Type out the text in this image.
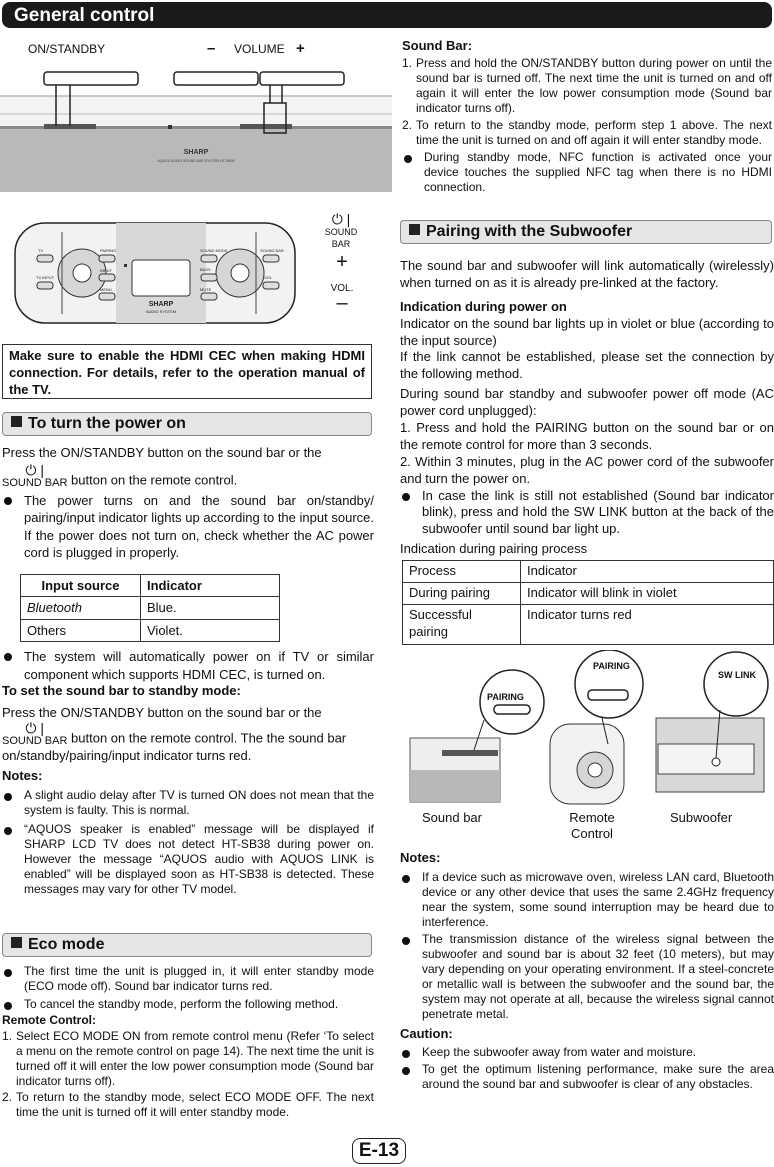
General control
SHARP
AQUOS AUDIO SOUND BAR SYSTEM HT-SB38
ON/STANDBY	– VOLUME +
SHARP
AUDIO SYSTEM
TV
TV INPUT
PAIRING
INPUT
MENU
SOUND MODE
BASS
MUTE
SOUND BAR
VOL
⏻ |
SOUND BAR
+
VOL.
–
Make sure to enable the HDMI CEC when making HDMI connection. For details, refer to the operation manual of the TV.
To turn the power on
Press the ON/STANDBY button on the sound bar or the
⏻ |
SOUND BAR button on the remote control.
The power turns on and the sound bar on/standby/ pairing/input indicator lights up according to the input source. If the power does not turn on, check whether the AC power cord is plugged in properly.
Input source	Indicator
Bluetooth	Blue.
Others	Violet.
The system will automatically power on if TV or similar component which supports HDMI CEC, is turned on.
To set the sound bar to standby mode:
Press the ON/STANDBY button on the sound bar or the
⏻ |
SOUND BAR button on the remote control. The the sound bar on/standby/pairing/input indicator turns red.
Notes:
A slight audio delay after TV is turned ON does not mean that the system is faulty. This is normal.
“AQUOS speaker is enabled” message will be displayed if SHARP LCD TV does not detect HT-SB38 during power on. However the message “AQUOS audio with AQUOS LINK is enabled” will be displayed soon as HT-SB38 is detected. These messages may vary for other TV model.
Eco mode
The first time the unit is plugged in, it will enter standby mode (ECO mode off). Sound bar indicator turns red.
To cancel the standby mode, perform the following method.
Remote Control:
1. Select ECO MODE ON from remote control menu (Refer ‘To select a menu on the remote control on page 14). The next time the unit is turned off it will enter the low power consumption mode (Sound bar indicator turns off).
2. To return to the standby mode, select ECO MODE OFF. The next time the unit is turned off it will enter standby mode.
Sound Bar:
1. Press and hold the ON/STANDBY button during power on until the sound bar is turned off. The next time the unit is turned on and off again it will enter the low power consumption mode (Sound bar indicator turns off).
2. To return to the standby mode, perform step 1 above. The next time the unit is turned on and off again it will enter standby mode.
During standby mode, NFC function is activated once your device touches the supplied NFC tag when there is no HDMI connection.
Pairing with the Subwoofer
The sound bar and subwoofer will link automatically (wirelessly) when turned on as it is already pre-linked at the factory.
Indication during power on
Indicator on the sound bar lights up in violet or blue (according to the input source)
If the link cannot be established, please set the connection by the following method.
During sound bar standby and subwoofer power off mode (AC power cord unplugged):
1. Press and hold the PAIRING button on the sound bar or on the remote control for more than 3 seconds.
2. Within 3 minutes, plug in the AC power cord of the subwoofer and turn the power on.
In case the link is still not established (Sound bar indicator blink), press and hold the SW LINK button at the back of the subwoofer until sound bar light up.
Indication during pairing process
Process	Indicator
During pairing	Indicator will blink in violet
Successful pairing	Indicator turns red
PAIRING
PAIRING
SW LINK
Sound bar	Remote Control
Subwoofer
Notes:
If a device such as microwave oven, wireless LAN card, Bluetooth device or any other device that uses the same 2.4GHz frequency near the system, some sound interruption may be heard due to interference.
The transmission distance of the wireless signal between the subwoofer and sound bar is about 32 feet (10 meters), but may vary depending on your operating environment. If a steel-concrete or metallic wall is between the subwoofer and the sound bar, the system may not operate at all, because the wireless signal cannot penetrate metal.
Caution:
Keep the subwoofer away from water and moisture.
To get the optimum listening performance, make sure the area around the sound bar and subwoofer is clear of any obstacles.
E-13
